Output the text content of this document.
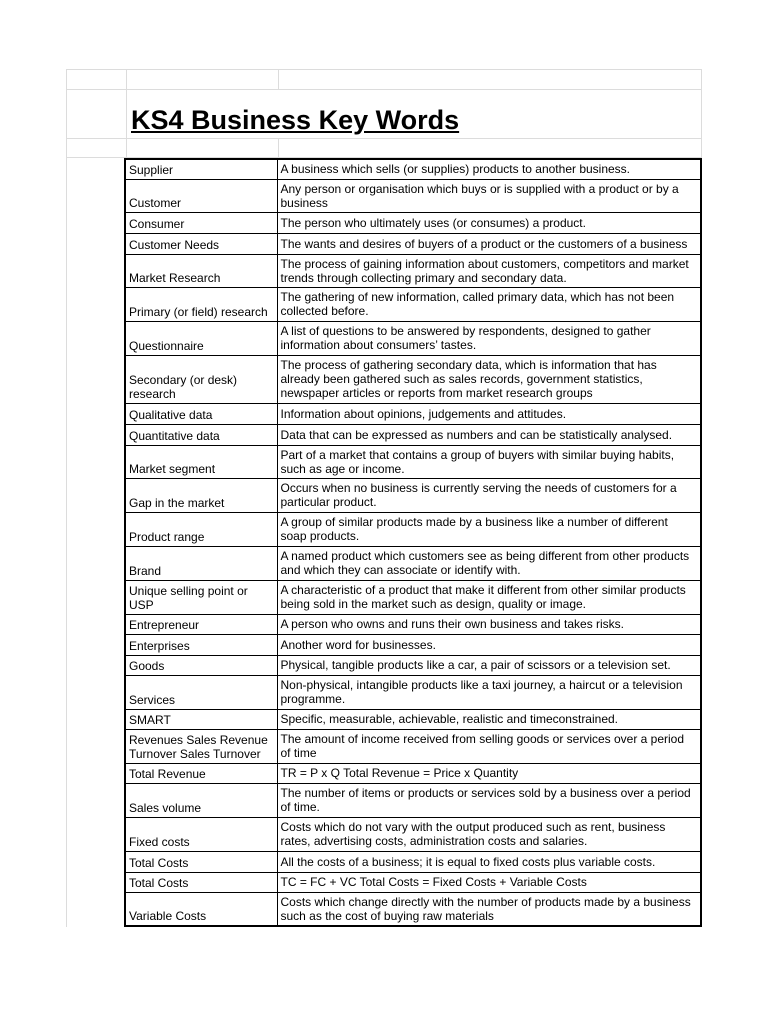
KS4 Business Key Words
Supplier	A business which sells (or supplies) products to another business.
Customer	Any person or organisation which buys or is supplied with a product or by a business
Consumer	The person who ultimately uses (or consumes) a product.
Customer Needs	The wants and desires of buyers of a product or the customers of a business
Market Research	The process of gaining information about customers, competitors and market trends through collecting primary and secondary data.
Primary (or field) research	The gathering of new information, called primary data, which has not been collected before.
Questionnaire	A list of questions to be answered by respondents, designed to gather information about consumers’ tastes.
Secondary (or desk) research	The process of gathering secondary data, which is information that has already been gathered such as sales records, government statistics, newspaper articles or reports from market research groups
Qualitative data	Information about opinions, judgements and attitudes.
Quantitative data	Data that can be expressed as numbers and can be statistically analysed.
Market segment	Part of a market that contains a group of buyers with similar buying habits, such as age or income.
Gap in the market	Occurs when no business is currently serving the needs of customers for a particular product.
Product range	A group of similar products made by a business like a number of different soap products.
Brand	A named product which customers see as being different from other products and which they can associate or identify with.
Unique selling point or USP	A characteristic of a product that make it different from other similar products being sold in the market such as design, quality or image.
Entrepreneur	A person who owns and runs their own business and takes risks.
Enterprises	Another word for businesses.
Goods	Physical, tangible products like a car, a pair of scissors or a television set.
Services	Non-physical, intangible products like a taxi journey, a haircut or a television programme.
SMART	Specific, measurable, achievable, realistic and timeconstrained.
Revenues Sales Revenue Turnover Sales Turnover	The amount of income received from selling goods or services over a period of time
Total Revenue	TR = P x Q Total Revenue = Price x Quantity
Sales volume	The number of items or products or services sold by a business over a period of time.
Fixed costs	Costs which do not vary with the output produced such as rent, business rates, advertising costs, administration costs and salaries.
Total Costs	All the costs of a business; it is equal to fixed costs plus variable costs.
Total Costs	TC = FC + VC Total Costs = Fixed Costs + Variable Costs
Variable Costs	Costs which change directly with the number of products made by a business such as the cost of buying raw materials
